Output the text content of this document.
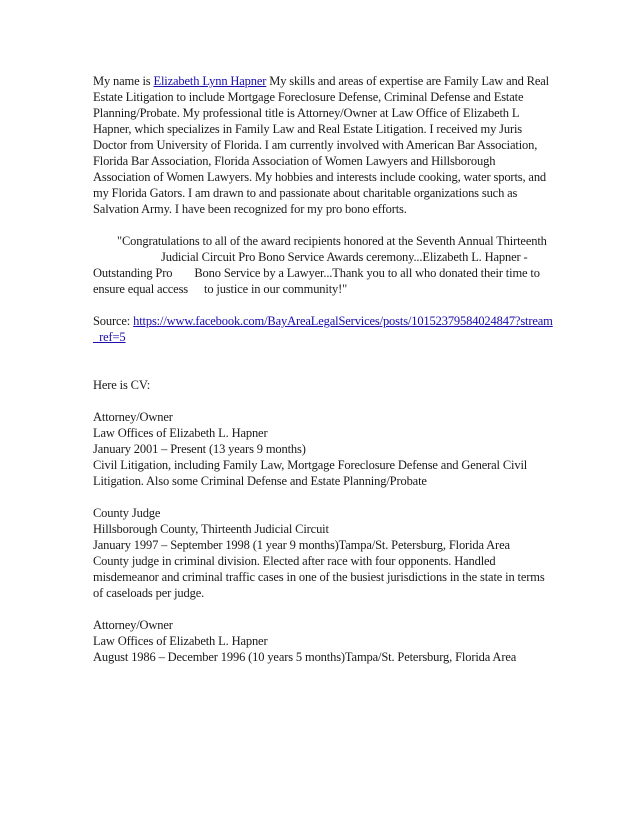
My name is Elizabeth Lynn Hapner My skills and areas of expertise are Family Law and Real Estate Litigation to include Mortgage Foreclosure Defense, Criminal Defense and Estate Planning/Probate. My professional title is Attorney/Owner at Law Office of Elizabeth L Hapner, which specializes in Family Law and Real Estate Litigation. I received my Juris Doctor from University of Florida. I am currently involved with American Bar Association, Florida Bar Association, Florida Association of Women Lawyers and Hillsborough Association of Women Lawyers. My hobbies and interests include cooking, water sports, and my Florida Gators. I am drawn to and passionate about charitable organizations such as Salvation Army. I have been recognized for my pro bono efforts.

"Congratulations to all of the award recipients honored at the Seventh Annual ThirteenthJudicial Circuit Pro Bono Service Awards ceremony...Elizabeth L. Hapner - Outstanding Pro Bono Service by a Lawyer...Thank you to all who donated their time to ensure equal access to justice in our community!"

Source: https://www.facebook.com/BayAreaLegalServices/posts/10152379584024847?stream_ref=5

Here is CV:

Attorney/Owner

Law Offices of Elizabeth L. Hapner

January 2001 – Present (13 years 9 months)

Civil Litigation, including Family Law, Mortgage Foreclosure Defense and General Civil Litigation. Also some Criminal Defense and Estate Planning/Probate

County Judge

Hillsborough County, Thirteenth Judicial Circuit

January 1997 – September 1998 (1 year 9 months)Tampa/St. Petersburg, Florida Area

County judge in criminal division. Elected after race with four opponents. Handled misdemeanor and criminal traffic cases in one of the busiest jurisdictions in the state in terms of caseloads per judge.

Attorney/Owner

Law Offices of Elizabeth L. Hapner

August 1986 – December 1996 (10 years 5 months)Tampa/St. Petersburg, Florida Area
